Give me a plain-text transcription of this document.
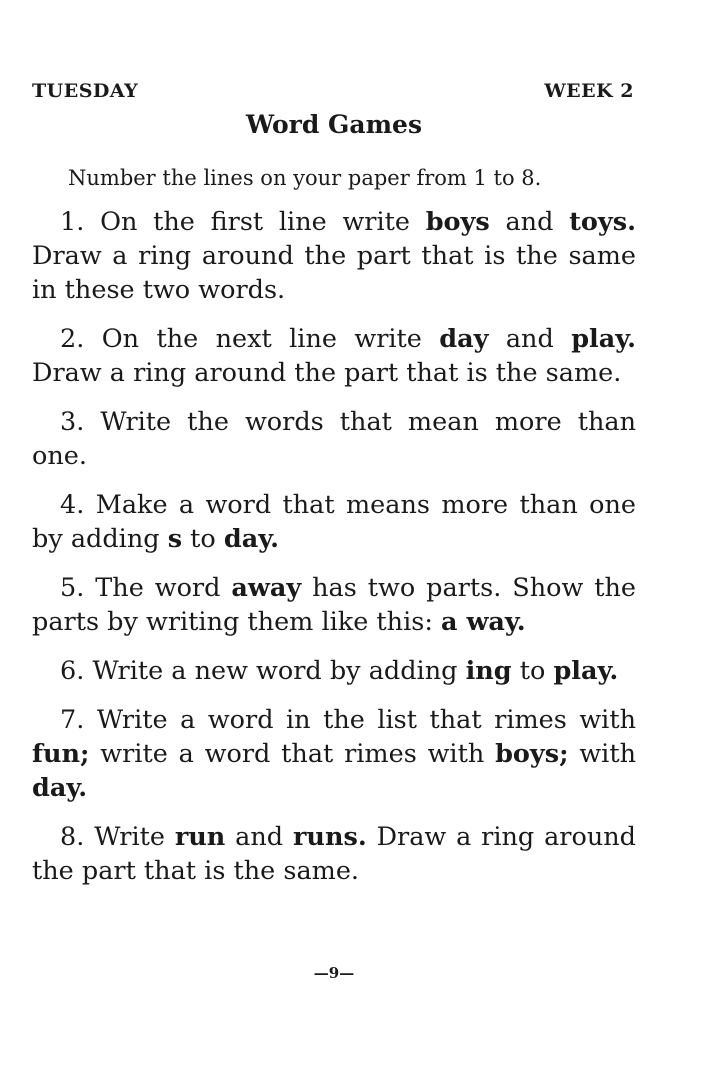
TUESDAY	WEEK 2
Word Games
Number the lines on your paper from 1 to 8.

1. On the first line write boys and toys. Draw a ring around the part that is the same in these two words.

2. On the next line write day and play. Draw a ring around the part that is the same.

3. Write the words that mean more than one.

4. Make a word that means more than one by adding s to day.

5. The word away has two parts. Show the parts by writing them like this: a way.

6. Write a new word by adding ing to play.

7. Write a word in the list that rimes with fun; write a word that rimes with boys; with day.

8. Write run and runs. Draw a ring around the part that is the same.

—9—
